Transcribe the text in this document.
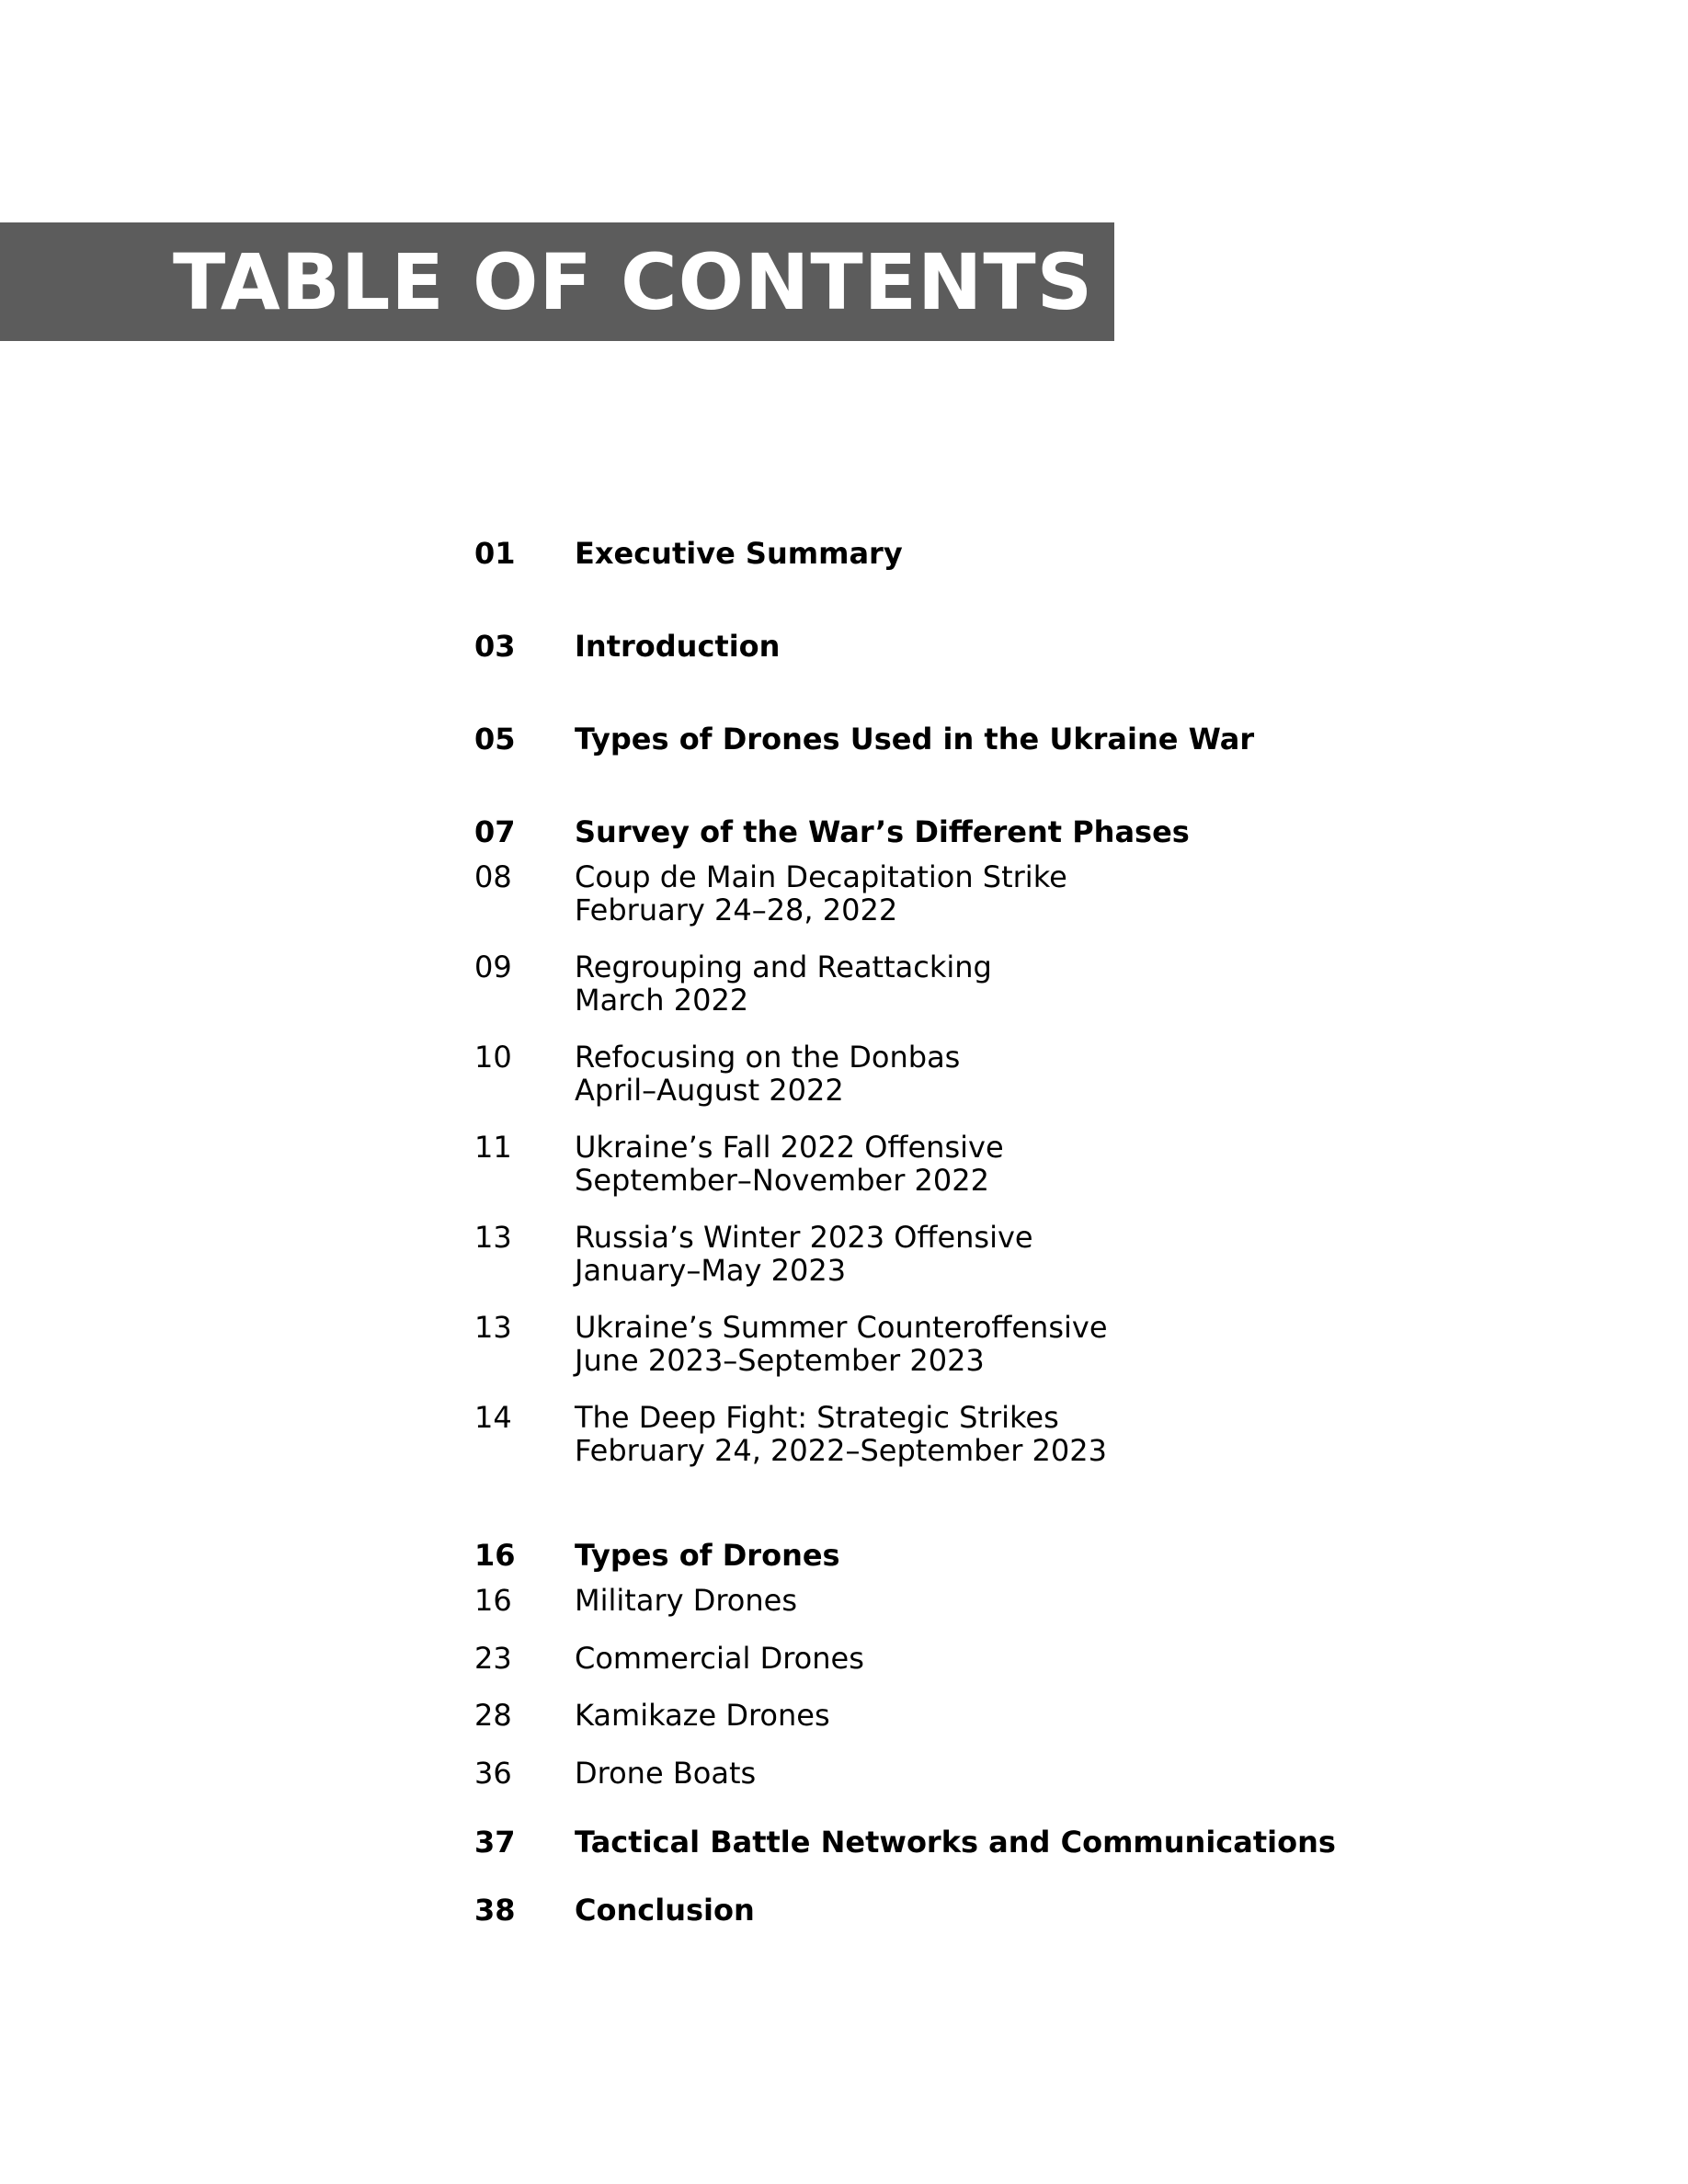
TABLE OF CONTENTS
01 Executive Summary
03 Introduction
05 Types of Drones Used in the Ukraine War
07 Survey of the War’s Different Phases
08 Coup de Main Decapitation Strike
February 24–28, 2022
09 Regrouping and Reattacking
March 2022
10 Refocusing on the Donbas
April–August 2022
11 Ukraine’s Fall 2022 Offensive
September–November 2022
13 Russia’s Winter 2023 Offensive
January–May 2023
13 Ukraine’s Summer Counteroffensive
June 2023–September 2023
14 The Deep Fight: Strategic Strikes
February 24, 2022–September 2023
16 Types of Drones
16 Military Drones
23 Commercial Drones
28 Kamikaze Drones
36 Drone Boats
37 Tactical Battle Networks and Communications
38 Conclusion
